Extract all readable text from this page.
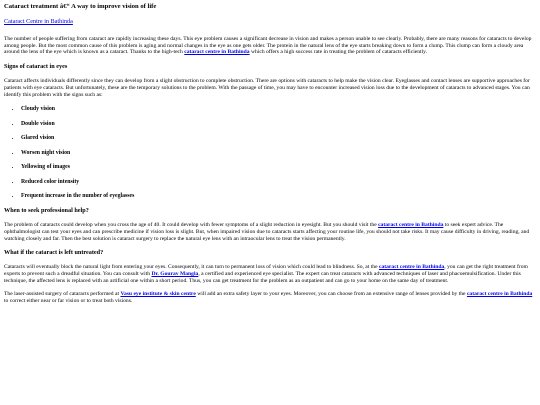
Cataract treatment â€“ A way to improve vision of life
Cataract Centre in Bathinda

The number of people suffering from cataract are rapidly increasing these days. This eye problem causes a significant decrease in vision and makes a person unable to see clearly. Probably, there are many reasons for cataracts to develop among people. But the most common cause of this problem is aging and normal changes in the eye as one gets older. The protein in the natural lens of the eye starts breaking down to form a clump. This clump can form a cloudy area around the lens of the eye which is known as a cataract. Thanks to the high-tech cataract centre in Bathinda which offers a high success rate in treating the problem of cataracts efficiently.

Signs of cataract in eyes

Cataract affects individuals differently since they can develop from a slight obstruction to complete obstruction. There are options with cataracts to help make the vision clear. Eyeglasses and contact lenses are supportive approaches for patients with eye cataracts. But unfortunately, these are the temporary solutions to the problem. With the passage of time, you may have to encounter increased vision loss due to the development of cataracts to advanced stages. You can identify this problem with the signs such as:

• Cloudy vision
• Double vision
• Glared vision
• Worsen night vision
• Yellowing of images
• Reduced color intensity
• Frequent increase in the number of eyeglasses
When to seek professional help?

The problem of cataracts could develop when you cross the age of 40. It could develop with fewer symptoms of a slight reduction in eyesight. But you should visit the cataract centre in Bathinda to seek expert advice. The ophthalmologist can test your eyes and can prescribe medicine if vision loss is slight. But, when impaired vision due to cataracts starts affecting your routine life, you should not take risks. It may cause difficulty in driving, reading, and watching closely and far. Then the best solution is cataract surgery to replace the natural eye lens with an intraocular lens to treat the vision permanently.

What if the cataract is left untreated?

Cataracts will eventually block the natural light from entering your eyes. Consequently, it can turn to permanent loss of vision which could lead to blindness. So, at the cataract centre in Bathinda, you can get the right treatment from experts to prevent such a dreadful situation. You can consult with Dr. Gourav Mangla, a certified and experienced eye specialist. The expert can treat cataracts with advanced techniques of laser and phacoemulsification. Under this technique, the affected lens is replaced with an artificial one within a short period. Thus, you can get treatment for the problem as an outpatient and can go to your home on the same day of treatment.

The laser-assisted surgery of cataracts performed at Vasu eye institute & skin centre will add an extra safety layer to your eyes. Moreover, you can choose from an extensive range of lenses provided by the cataract centre in Bathinda to correct either near or far vision or to treat both visions.
